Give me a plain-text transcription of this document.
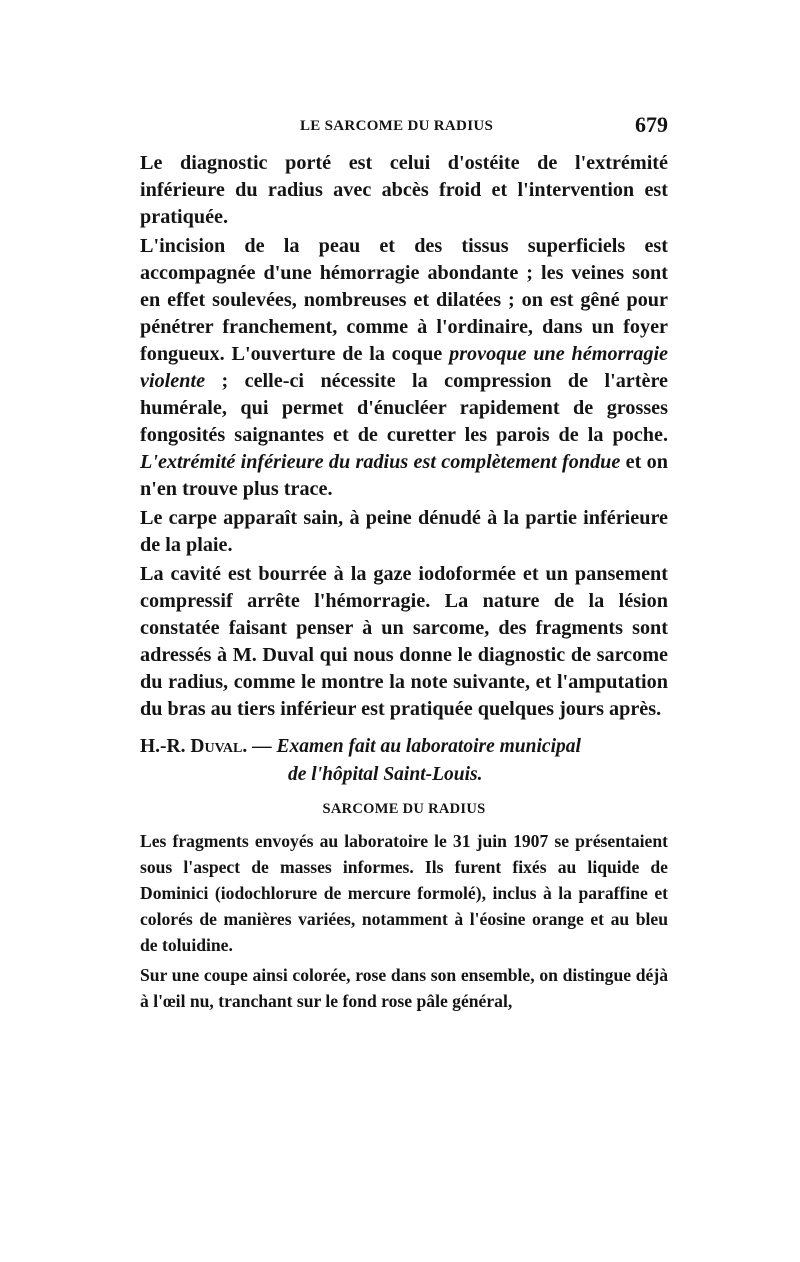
LE SARCOME DU RADIUS	679

Le diagnostic porté est celui d'ostéite de l'extrémité inférieure du radius avec abcès froid et l'intervention est pratiquée.

L'incision de la peau et des tissus superficiels est accompagnée d'une hémorragie abondante ; les veines sont en effet soulevées, nombreuses et dilatées ; on est gêné pour pénétrer franchement, comme à l'ordinaire, dans un foyer fongueux. L'ouverture de la coque provoque une hémorragie violente ; celle-ci nécessite la compression de l'artère humérale, qui permet d'énucléer rapidement de grosses fongosités saignantes et de curetter les parois de la poche. L'extrémité inférieure du radius est complètement fondue et on n'en trouve plus trace.

Le carpe apparaît sain, à peine dénudé à la partie inférieure de la plaie.

La cavité est bourrée à la gaze iodoformée et un pansement compressif arrête l'hémorragie. La nature de la lésion constatée faisant penser à un sarcome, des fragments sont adressés à M. Duval qui nous donne le diagnostic de sarcome du radius, comme le montre la note suivante, et l'amputation du bras au tiers inférieur est pratiquée quelques jours après.

H.-R. Duval. — Examen fait au laboratoire municipal
de l'hôpital Saint-Louis.
SARCOME DU RADIUS

Les fragments envoyés au laboratoire le 31 juin 1907 se présentaient sous l'aspect de masses informes. Ils furent fixés au liquide de Dominici (iodochlorure de mercure formolé), inclus à la paraffine et colorés de manières variées, notamment à l'éosine orange et au bleu de toluidine.

Sur une coupe ainsi colorée, rose dans son ensemble, on distingue déjà à l'œil nu, tranchant sur le fond rose pâle général,
